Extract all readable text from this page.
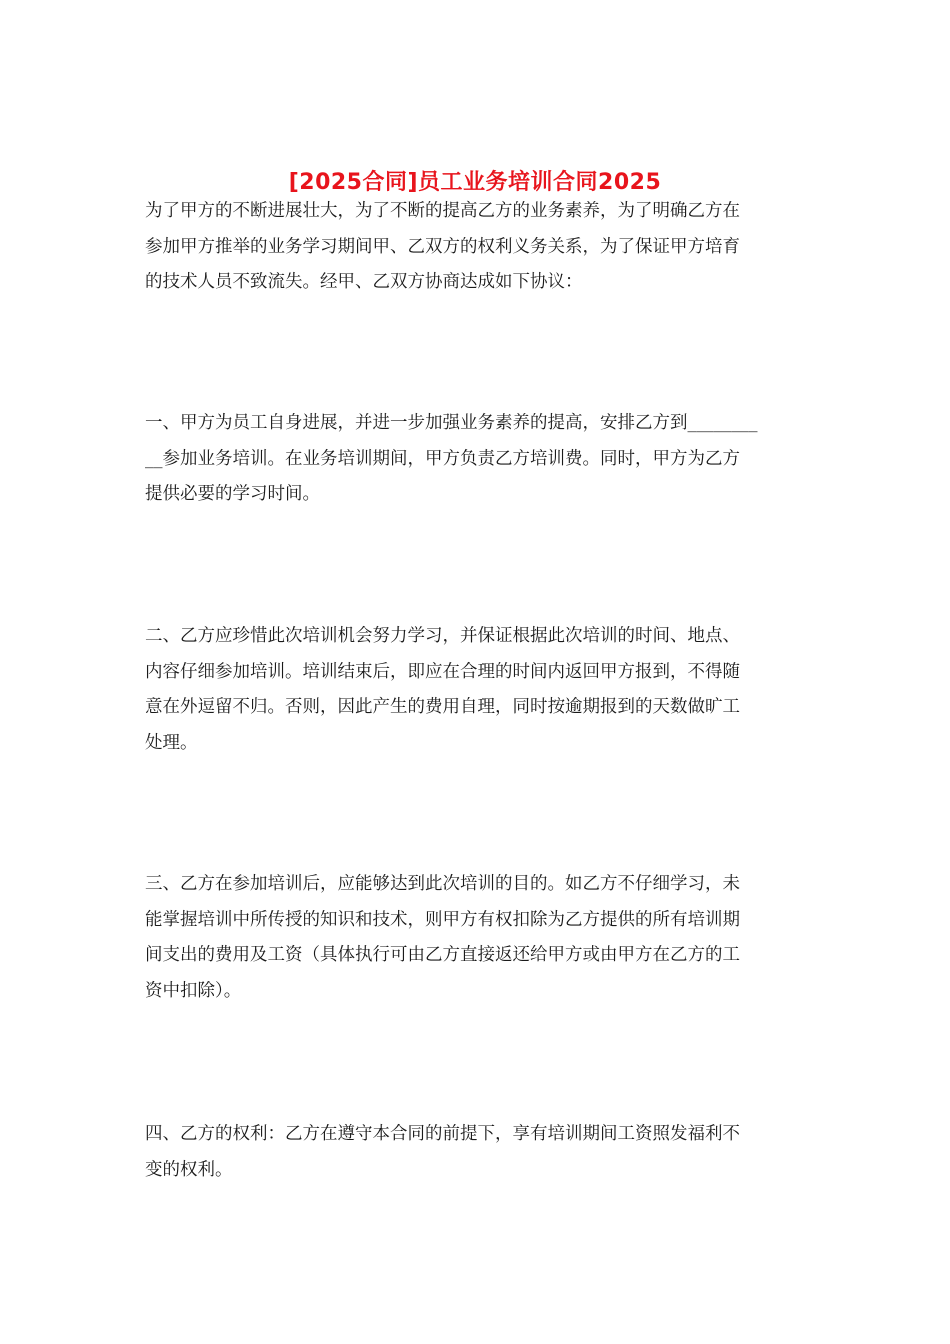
[2025合同]员工业务培训合同2025

为了甲方的不断进展壮大，为了不断的提高乙方的业务素养，为了明确乙方在
参加甲方推举的业务学习期间甲、乙双方的权利义务关系，为了保证甲方培育
的技术人员不致流失。经甲、乙双方协商达成如下协议：

一、甲方为员工自身进展，并进一步加强业务素养的提高，安排乙方到________
__参加业务培训。在业务培训期间，甲方负责乙方培训费。同时，甲方为乙方
提供必要的学习时间。

二、乙方应珍惜此次培训机会努力学习，并保证根据此次培训的时间、地点、
内容仔细参加培训。培训结束后，即应在合理的时间内返回甲方报到，不得随
意在外逗留不归。否则，因此产生的费用自理，同时按逾期报到的天数做旷工
处理。

三、乙方在参加培训后，应能够达到此次培训的目的。如乙方不仔细学习，未
能掌握培训中所传授的知识和技术，则甲方有权扣除为乙方提供的所有培训期
间支出的费用及工资（具体执行可由乙方直接返还给甲方或由甲方在乙方的工
资中扣除）。

四、乙方的权利：乙方在遵守本合同的前提下，享有培训期间工资照发福利不
变的权利。
